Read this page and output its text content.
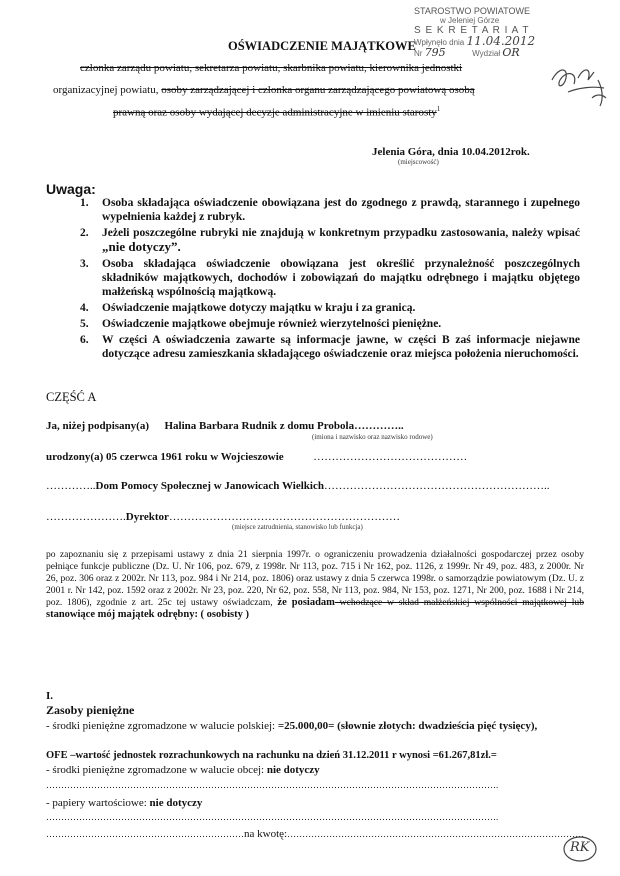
STAROSTWO POWIATOWE
w Jeleniej Górze
S E K R E T A R I A T
Wpłynęło dnia 11.04.2012
Nr 795	Wydział OR
OŚWIADCZENIE MAJĄTKOWE
członka zarządu powiatu, sekretarza powiatu, skarbnika powiatu, kierownika jednostki
organizacyjnej powiatu, osoby zarządzającej i członka organu zarządzającego powiatową osobą
prawną oraz osoby wydającej decyzje administracyjne w imieniu starosty$^1$
Jelenia Góra, dnia 10.04.2012rok.
(miejscowość)
Uwaga:
1. Osoba składająca oświadczenie obowiązana jest do zgodnego z prawdą, starannego i zupełnego wypełnienia każdej z rubryk.
2. Jeżeli poszczególne rubryki nie znajdują w konkretnym przypadku zastosowania, należy wpisać „nie dotyczy”.
3. Osoba składająca oświadczenie obowiązana jest określić przynależność poszczególnych składników majątkowych, dochodów i zobowiązań do majątku odrębnego i majątku objętego małżeńską wspólnością majątkową.
4. Oświadczenie majątkowe dotyczy majątku w kraju i za granicą.
5. Oświadczenie majątkowe obejmuje również wierzytelności pieniężne.
6. W części A oświadczenia zawarte są informacje jawne, w części B zaś informacje niejawne dotyczące adresu zamieszkania składającego oświadczenie oraz miejsca położenia nieruchomości.
CZĘŚĆ A
Ja, niżej podpisany(a) Halina Barbara Rudnik z domu Probola…………..
(imiona i nazwisko oraz nazwisko rodowe)
urodzony(a) 05 czerwca 1961 roku w Wojcieszowie	……………………………………
…………..Dom Pomocy Społecznej w Janowicach Wielkich……………………………………………………..
………………….Dyrektor………………………………………………………
(miejsce zatrudnienia, stanowisko lub funkcja)
po zapoznaniu się z przepisami ustawy z dnia 21 sierpnia 1997r. o ograniczeniu prowadzenia działalności gospodarczej przez osoby pełniące funkcje publiczne (Dz. U. Nr 106, poz. 679, z 1998r. Nr 113, poz. 715 i Nr 162, poz. 1126, z 1999r. Nr 49, poz. 483, z 2000r. Nr 26, poz. 306 oraz z 2002r. Nr 113, poz. 984 i Nr 214, poz. 1806) oraz ustawy z dnia 5 czerwca 1998r. o samorządzie powiatowym (Dz. U. z 2001 r. Nr 142, poz. 1592 oraz z 2002r. Nr 23, poz. 220, Nr 62, poz. 558, Nr 113, poz. 984, Nr 153, poz. 1271, Nr 200, poz. 1688 i Nr 214, poz. 1806), zgodnie z art. 25c tej ustawy oświadczam, że posiadam wchodzące w skład małżeńskiej wspólności majątkowej lub stanowiące mój majątek odrębny: ( osobisty )
I.
Zasoby pieniężne
- środki pieniężne zgromadzone w walucie polskiej: =25.000,00= (słownie złotych: dwadzieścia pięć tysięcy),
OFE –wartość jednostek rozrachunkowych na rachunku na dzień 31.12.2011 r wynosi =61.267,81zł.=
- środki pieniężne zgromadzone w walucie obcej: nie dotyczy
…………………………………………………………………………………………………………………………………….
- papiery wartościowe: nie dotyczy
…………………………………………………………………………………………………………………………………….
…………………………………………………………na kwotę:………………………………………………………………………………………
RK
